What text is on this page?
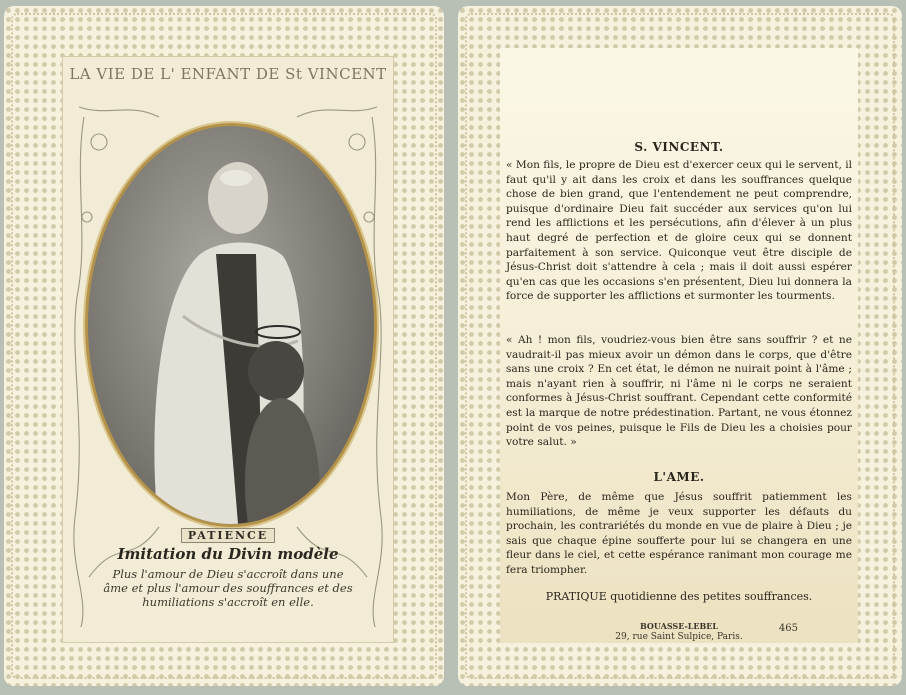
LA VIE DE L' ENFANT DE St VINCENT
PATIENCE
Imitation du Divin modèle
Plus l'amour de Dieu s'accroît dans une âme et plus l'amour des souffrances et des humiliations s'accroît en elle.
S. VINCENT.
« Mon fils, le propre de Dieu est d'exercer ceux qui le servent, il faut qu'il y ait dans les croix et dans les souffrances quelque chose de bien grand, que l'entendement ne peut comprendre, puisque d'ordinaire Dieu fait succéder aux services qu'on lui rend les afflictions et les persécutions, afin d'élever à un plus haut degré de perfection et de gloire ceux qui se donnent parfaitement à son service. Quiconque veut être disciple de Jésus-Christ doit s'attendre à cela ; mais il doit aussi espérer qu'en cas que les occasions s'en présentent, Dieu lui donnera la force de supporter les afflictions et surmonter les tourments.
« Ah ! mon fils, voudriez-vous bien être sans souffrir ? et ne vaudrait-il pas mieux avoir un démon dans le corps, que d'être sans une croix ? En cet état, le démon ne nuirait point à l'âme ; mais n'ayant rien à souffrir, ni l'âme ni le corps ne seraient conformes à Jésus-Christ souffrant. Cependant cette conformité est la marque de notre prédestination. Partant, ne vous étonnez point de vos peines, puisque le Fils de Dieu les a choisies pour votre salut. »
L'AME.
Mon Père, de même que Jésus souffrit patiemment les humiliations, de même je veux supporter les défauts du prochain, les contrariétés du monde en vue de plaire à Dieu ; je sais que chaque épine soufferte pour lui se changera en une fleur dans le ciel, et cette espérance ranimant mon courage me fera triompher.
PRATIQUE quotidienne des petites souffrances.
BOUASSE-LEBEL
29, rue Saint Sulpice, Paris.
465
